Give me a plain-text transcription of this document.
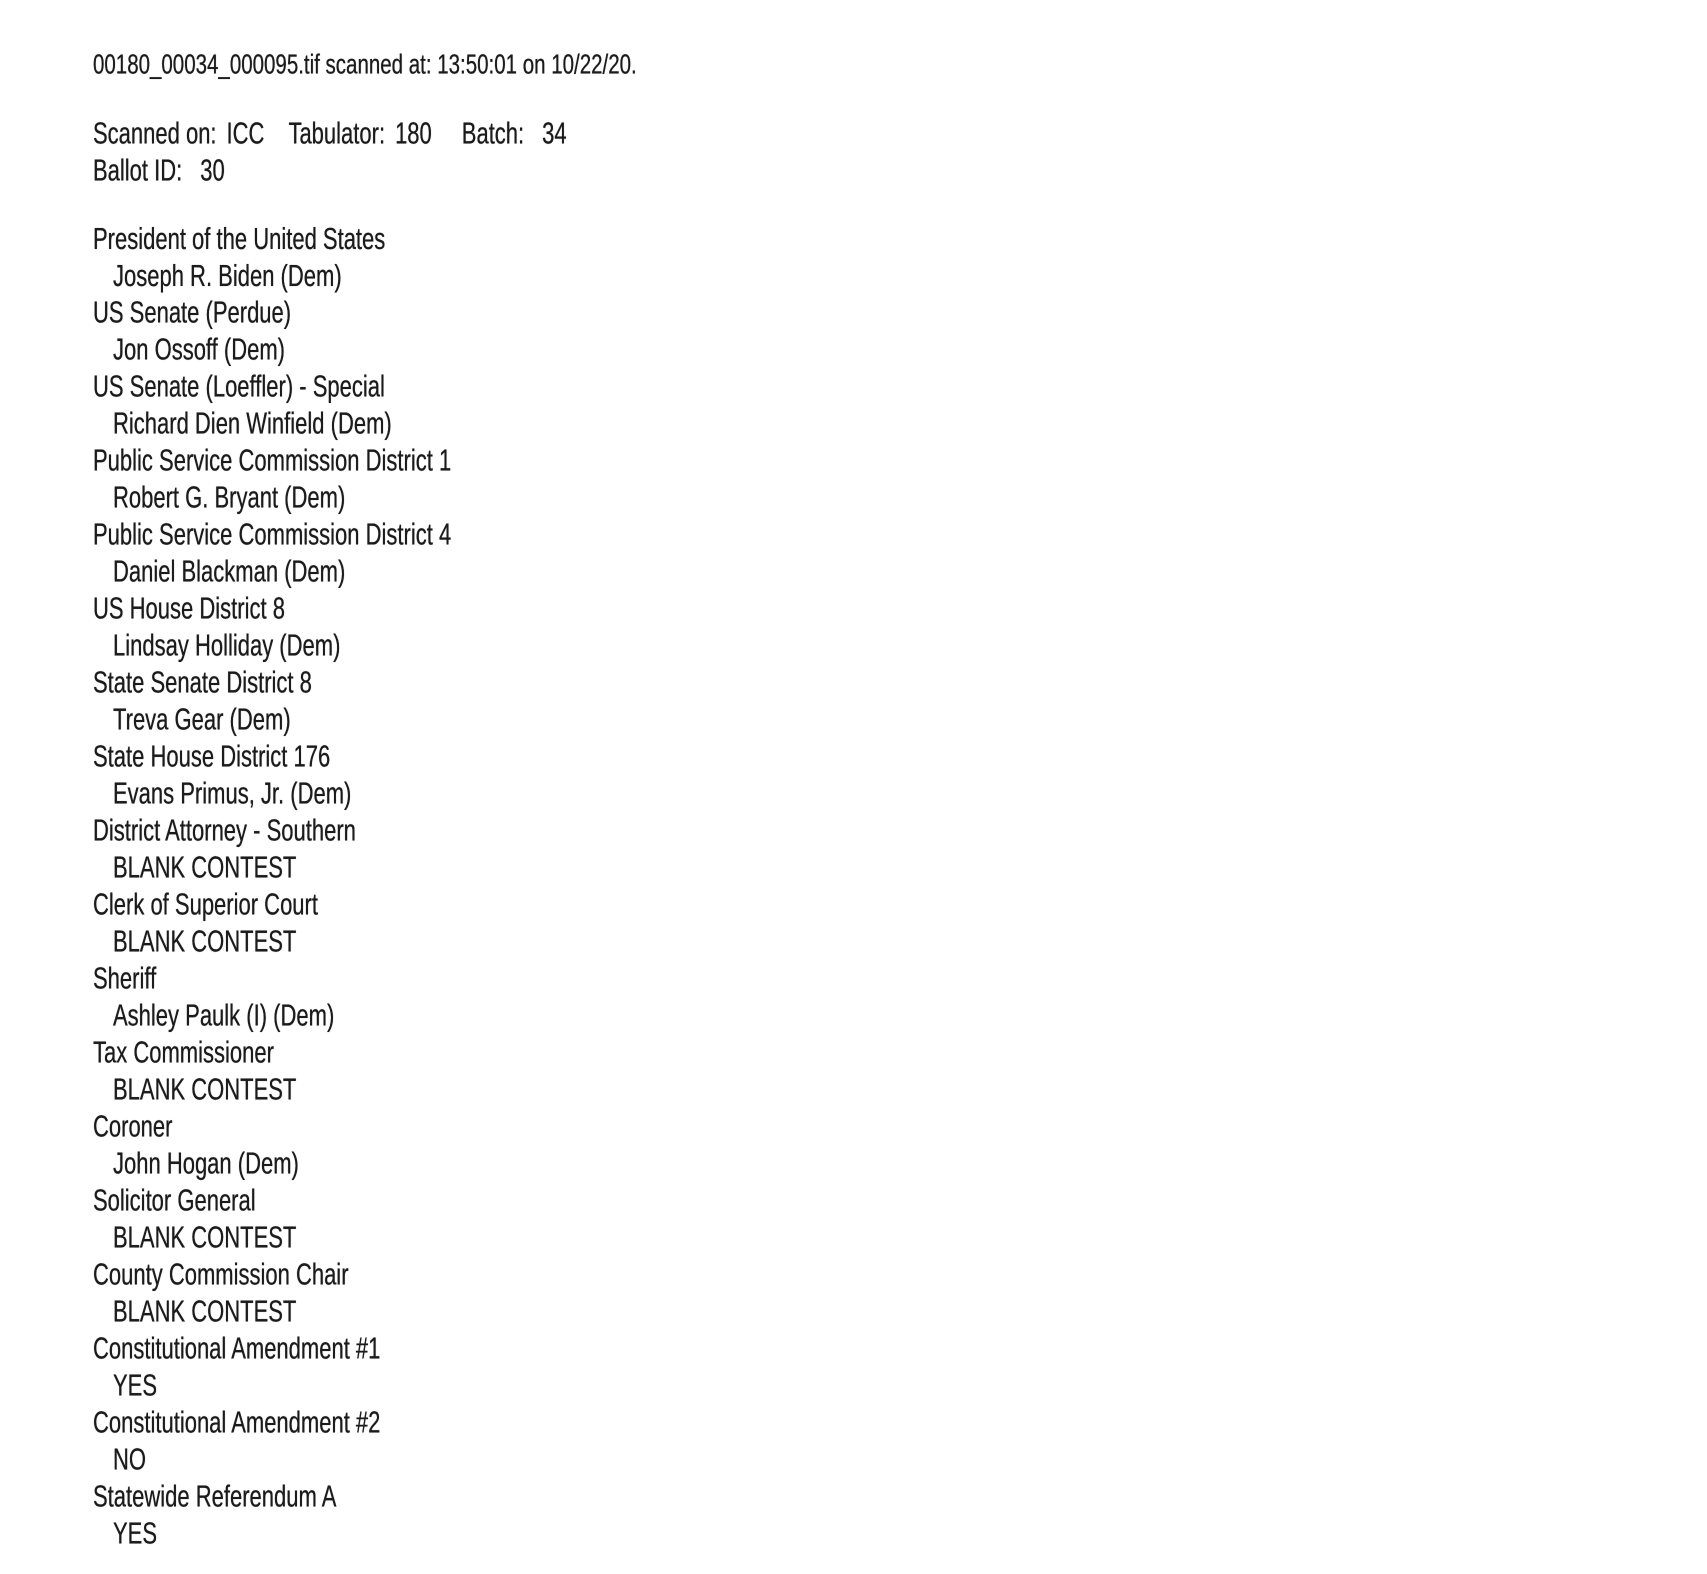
00180_00034_000095.tif scanned at: 13:50:01 on 10/22/20.
Scanned on: ICC Tabulator: 180 Batch: 34
Ballot ID: 30
President of the United States
Joseph R. Biden (Dem)
US Senate (Perdue)
Jon Ossoff (Dem)
US Senate (Loeffler) - Special
Richard Dien Winfield (Dem)
Public Service Commission District 1
Robert G. Bryant (Dem)
Public Service Commission District 4
Daniel Blackman (Dem)
US House District 8
Lindsay Holliday (Dem)
State Senate District 8
Treva Gear (Dem)
State House District 176
Evans Primus, Jr. (Dem)
District Attorney - Southern
BLANK CONTEST
Clerk of Superior Court
BLANK CONTEST
Sheriff
Ashley Paulk (I) (Dem)
Tax Commissioner
BLANK CONTEST
Coroner
John Hogan (Dem)
Solicitor General
BLANK CONTEST
County Commission Chair
BLANK CONTEST
Constitutional Amendment #1
YES
Constitutional Amendment #2
NO
Statewide Referendum A
YES
